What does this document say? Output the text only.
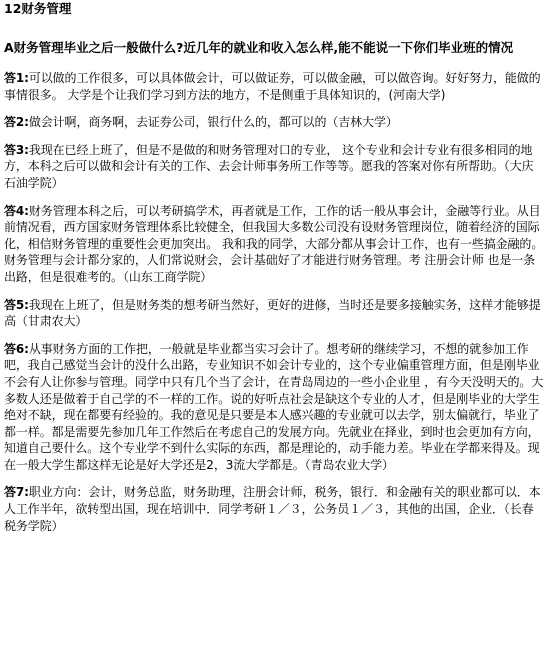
12财务管理
A财务管理毕业之后一般做什么?近几年的就业和收入怎么样,能不能说一下你们毕业班的情况

答1:可以做的工作很多，可以具体做会计，可以做证券，可以做金融，可以做咨询。好好努力，能做的事情很多。 大学是个让我们学习到方法的地方，不是侧重于具体知识的，(河南大学)

答2:做会计啊，商务啊，去证券公司，银行什么的，都可以的（吉林大学）

答3:我现在已经上班了，但是不是做的和财务管理对口的专业， 这个专业和会计专业有很多相同的地方，本科之后可以做和会计有关的工作、去会计师事务所工作等等。愿我的答案对你有所帮助。（大庆石油学院）

答4:财务管理本科之后，可以考研搞学术，再者就是工作，工作的话一般从事会计，金融等行业。从目前情况看，西方国家财务管理体系比较健全，但我国大多数公司没有设财务管理岗位，随着经济的国际化，相信财务管理的重要性会更加突出。 我和我的同学，大部分都从事会计工作，也有一些搞金融的。财务管理与会计都分家的，人们常说财会，会计基础好了才能进行财务管理。考 注册会计师 也是一条出路，但是很难考的。（山东工商学院）

答5:我现在上班了，但是财务类的想考研当然好，更好的进修，当时还是要多接触实务，这样才能够提高（甘肃农大）

答6:从事财务方面的工作把，一般就是毕业都当实习会计了。想考研的继续学习，不想的就参加工作吧，我自己感觉当会计的没什么出路，专业知识不如会计专业的，这个专业偏重管理方面，但是刚毕业不会有人让你参与管理。同学中只有几个当了会计，在青岛周边的一些小企业里 ，有今天没明天的。大多数人还是做着于自己学的不一样的工作。说的好听点社会是缺这个专业的人才，但是刚毕业的大学生绝对不缺，现在都要有经验的。我的意见是只要是本人感兴趣的专业就可以去学，别太偏就行，毕业了都一样。都是需要先参加几年工作然后在考虑自己的发展方向。先就业在择业，到时也会更加有方向，知道自己要什么。这个专业学不到什么实际的东西，都是理论的，动手能力差。毕业在学都来得及。现在一般大学生都这样无论是好大学还是2，3流大学都是。（青岛农业大学）

答7:职业方向：会计，财务总监，财务助理，注册会计师，税务，银行．和金融有关的职业都可以．本人工作半年，欲转型出国，现在培训中．同学考研１／３，公务员１／３，其他的出国，企业．（长春税务学院）
